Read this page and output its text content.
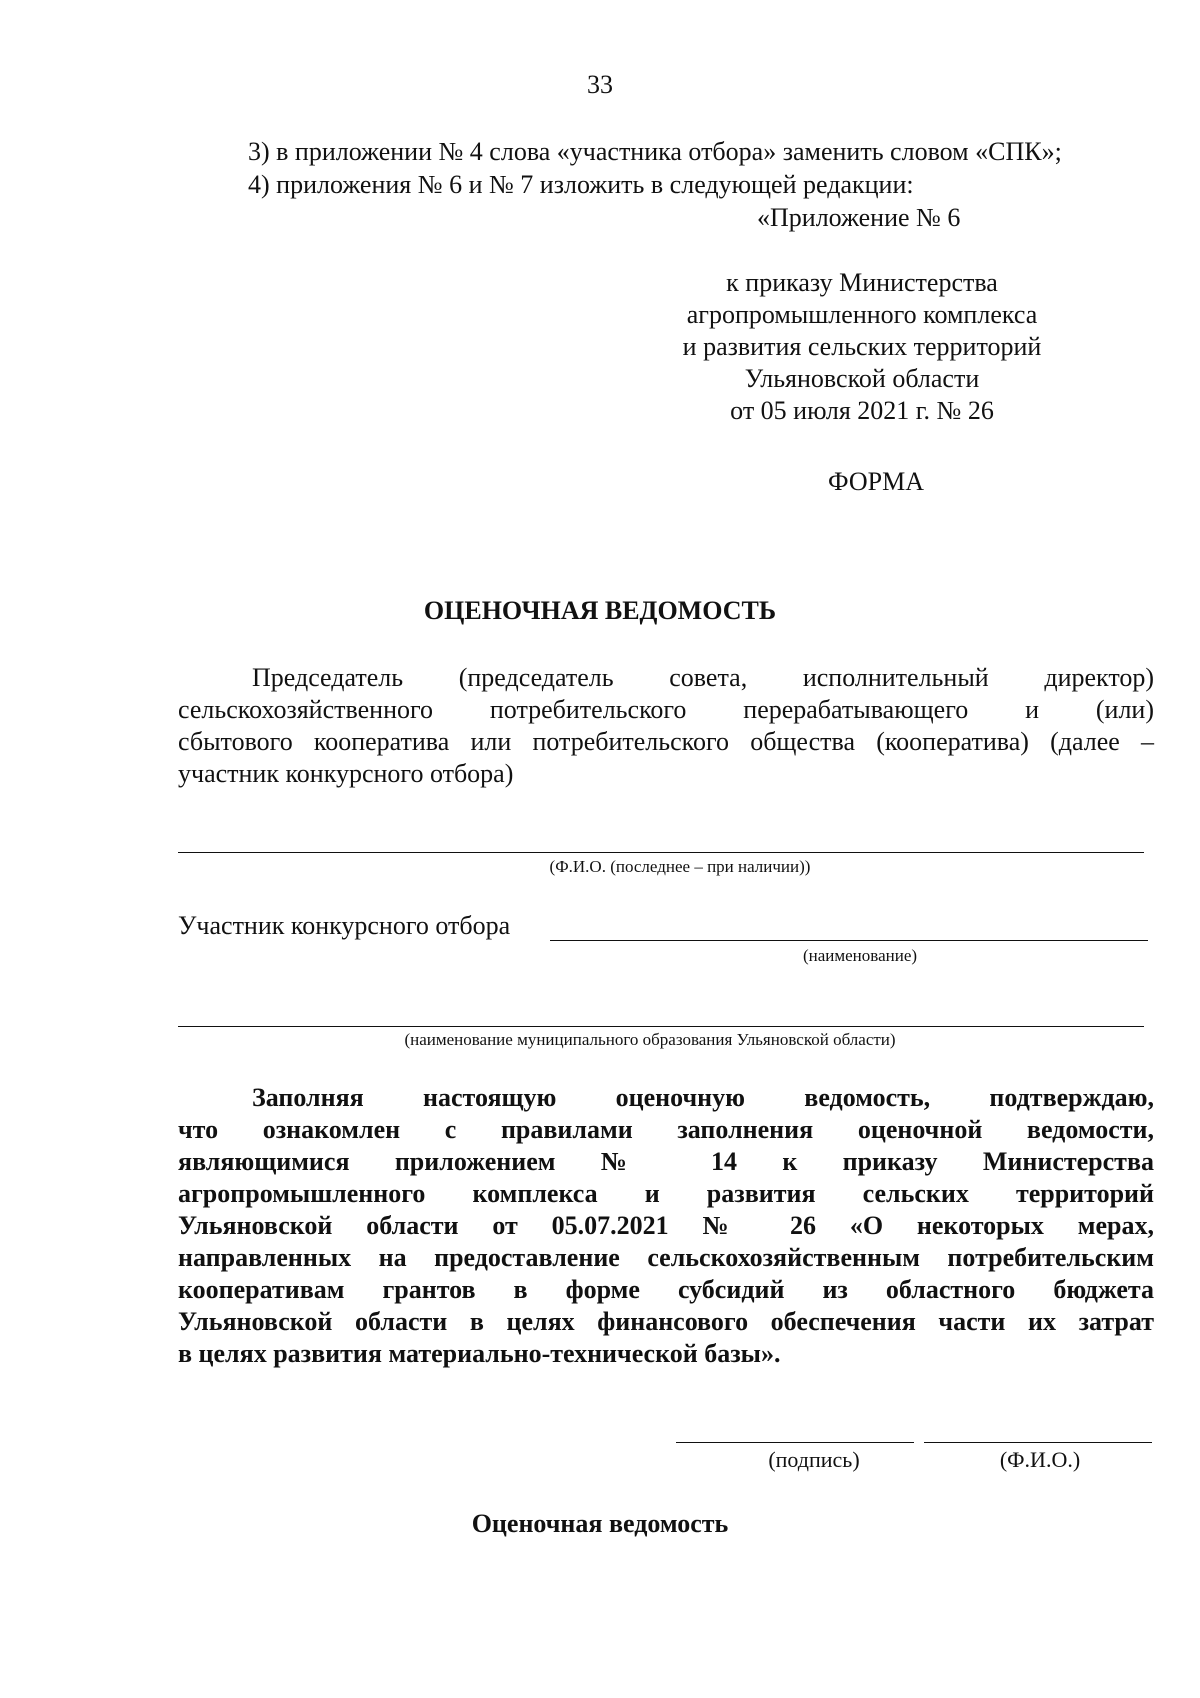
33
3) в приложении № 4 слова «участника отбора» заменить словом «СПК»;
4) приложения № 6 и № 7 изложить в следующей редакции:
«Приложение № 6
к приказу Министерства
агропромышленного комплекса
и развития сельских территорий
Ульяновской области
от 05 июля 2021 г. № 26
ФОРМА
ОЦЕНОЧНАЯ ВЕДОМОСТЬ
Председатель (председатель совета, исполнительный директор)
сельскохозяйственного потребительского перерабатывающего и (или)
сбытового кооператива или потребительского общества (кооператива) (далее –
участник конкурсного отбора)
(Ф.И.О. (последнее – при наличии))
Участник конкурсного отбора
(наименование)
(наименование муниципального образования Ульяновской области)
Заполняя настоящую оценочную ведомость, подтверждаю,
что ознакомлен с правилами заполнения оценочной ведомости,
являющимися приложением № 14 к приказу Министерства
агропромышленного комплекса и развития сельских территорий
Ульяновской области от 05.07.2021 № 26 «О некоторых мерах,
направленных на предоставление сельскохозяйственным потребительским
кооперативам грантов в форме субсидий из областного бюджета
Ульяновской области в целях финансового обеспечения части их затрат
в целях развития материально-технической базы».
(подпись)	(Ф.И.О.)
Оценочная ведомость
